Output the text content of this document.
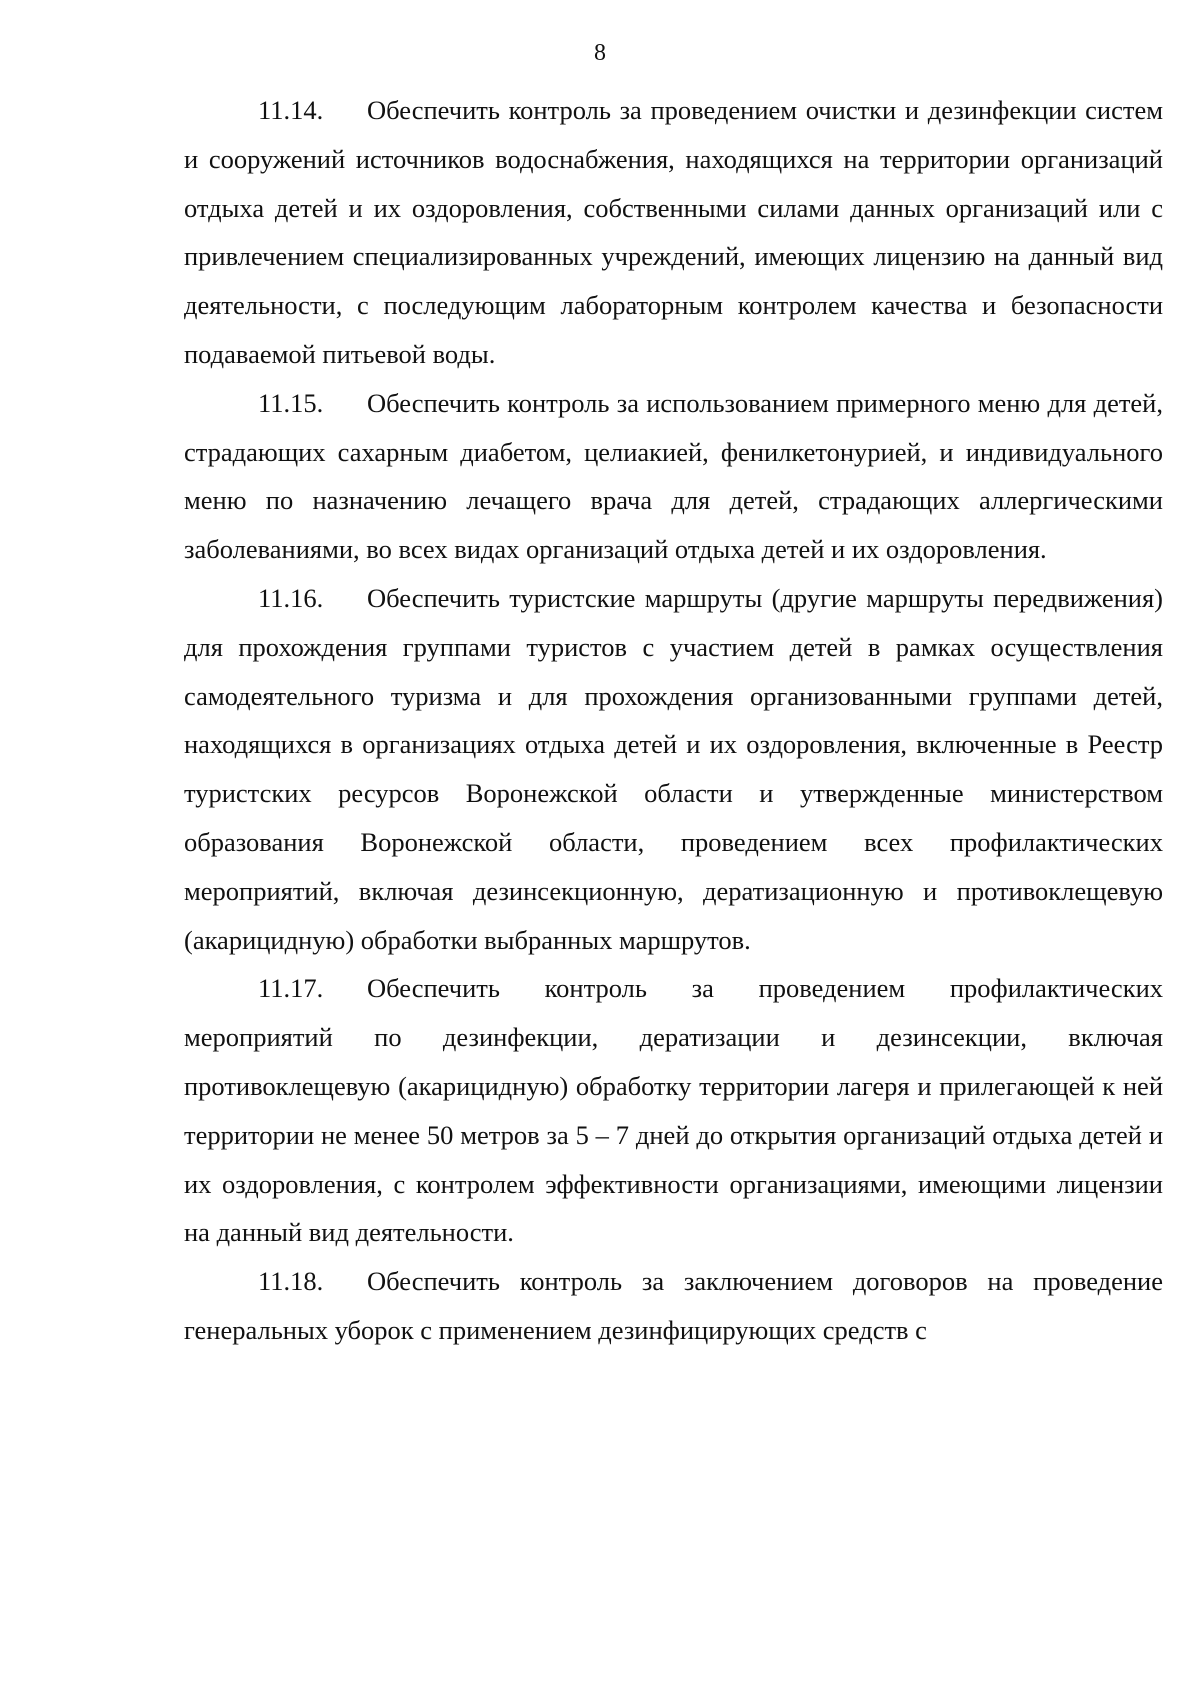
8

11.14. Обеспечить контроль за проведением очистки и дезинфекции систем и сооружений источников водоснабжения, находящихся на территории организаций отдыха детей и их оздоровления, собственными силами данных организаций или с привлечением специализированных учреждений, имеющих лицензию на данный вид деятельности, с последующим лабораторным контролем качества и безопасности подаваемой питьевой воды.

11.15. Обеспечить контроль за использованием примерного меню для детей, страдающих сахарным диабетом, целиакией, фенилкетонурией, и индивидуального меню по назначению лечащего врача для детей, страдающих аллергическими заболеваниями, во всех видах организаций отдыха детей и их оздоровления.

11.16. Обеспечить туристские маршруты (другие маршруты передвижения) для прохождения группами туристов с участием детей в рамках осуществления самодеятельного туризма и для прохождения организованными группами детей, находящихся в организациях отдыха детей и их оздоровления, включенные в Реестр туристских ресурсов Воронежской области и утвержденные министерством образования Воронежской области, проведением всех профилактических мероприятий, включая дезинсекционную, дератизационную и противоклещевую (акарицидную) обработки выбранных маршрутов.

11.17. Обеспечить контроль за проведением профилактических мероприятий по дезинфекции, дератизации и дезинсекции, включая противоклещевую (акарицидную) обработку территории лагеря и прилегающей к ней территории не менее 50 метров за 5 – 7 дней до открытия организаций отдыха детей и их оздоровления, с контролем эффективности организациями, имеющими лицензии на данный вид деятельности.

11.18. Обеспечить контроль за заключением договоров на проведение генеральных уборок с применением дезинфицирующих средств с
